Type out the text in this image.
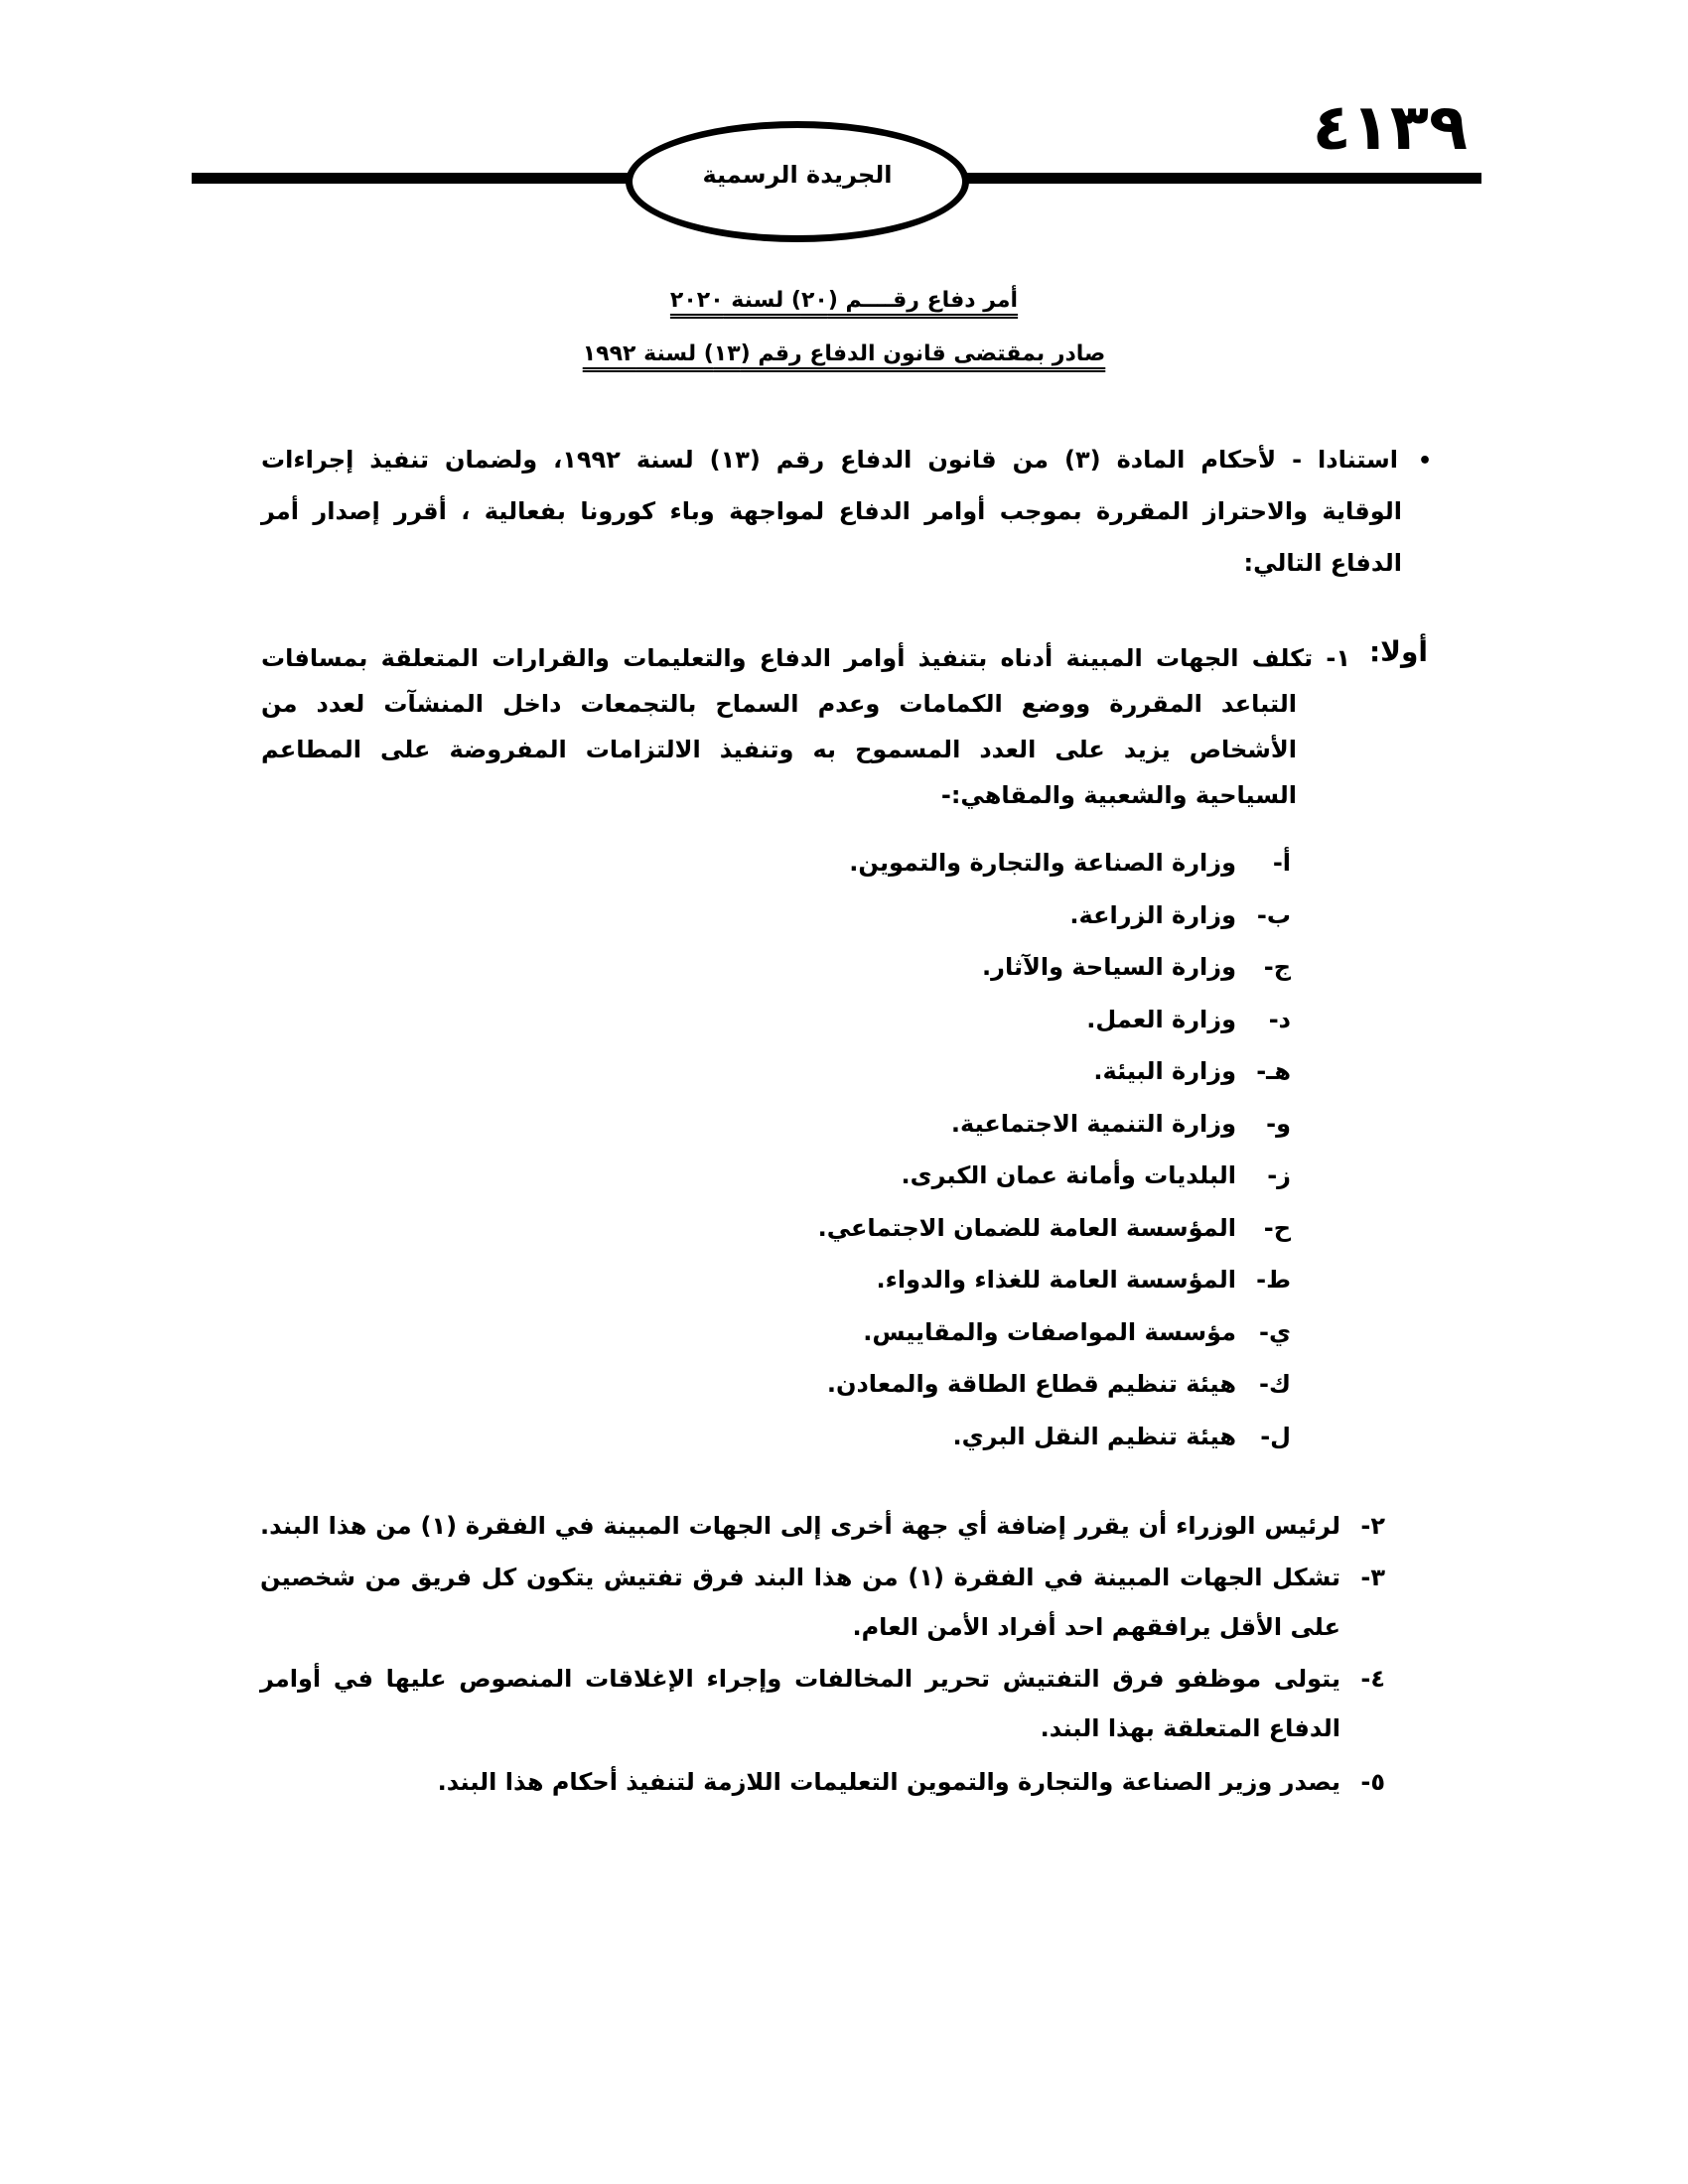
٤١٣٩
الجريدة الرسمية
أمر دفاع رقــــم (٢٠) لسنة ٢٠٢٠
صادر بمقتضى قانون الدفاع رقم (١٣) لسنة ١٩٩٢
•
استنادا - لأحكام المادة (٣) من قانون الدفاع رقم (١٣) لسنة ١٩٩٢، ولضمان تنفيذ إجراءات
الوقاية والاحتراز المقررة بموجب أوامر الدفاع لمواجهة وباء كورونا بفعالية ، أقرر إصدار أمر
الدفاع التالي:
أولا:
١- تكلف الجهات المبينة أدناه بتنفيذ أوامر الدفاع والتعليمات والقرارات المتعلقة بمسافات
التباعد المقررة ووضع الكمامات وعدم السماح بالتجمعات داخل المنشآت لعدد من
الأشخاص يزيد على العدد المسموح به وتنفيذ الالتزامات المفروضة على المطاعم
السياحية والشعبية والمقاهي:-
أ-
وزارة الصناعة والتجارة والتموين.
ب-
وزارة الزراعة.
ج-
وزارة السياحة والآثار.
د-
وزارة العمل.
هـ-
وزارة البيئة.
و-
وزارة التنمية الاجتماعية.
ز-
البلديات وأمانة عمان الكبرى.
ح-
المؤسسة العامة للضمان الاجتماعي.
ط-
المؤسسة العامة للغذاء والدواء.
ي-
مؤسسة المواصفات والمقاييس.
ك-
هيئة تنظيم قطاع الطاقة والمعادن.
ل-
هيئة تنظيم النقل البري.
٢-
لرئيس الوزراء أن يقرر إضافة أي جهة أخرى إلى الجهات المبينة في الفقرة (١) من هذا البند.
٣-
تشكل الجهات المبينة في الفقرة (١) من هذا البند فرق تفتيش يتكون كل فريق من شخصين
على الأقل يرافقهم احد أفراد الأمن العام.
٤-
يتولى موظفو فرق التفتيش تحرير المخالفات وإجراء الإغلاقات المنصوص عليها في أوامر
الدفاع المتعلقة بهذا البند.
٥-
يصدر وزير الصناعة والتجارة والتموين التعليمات اللازمة لتنفيذ أحكام هذا البند.
